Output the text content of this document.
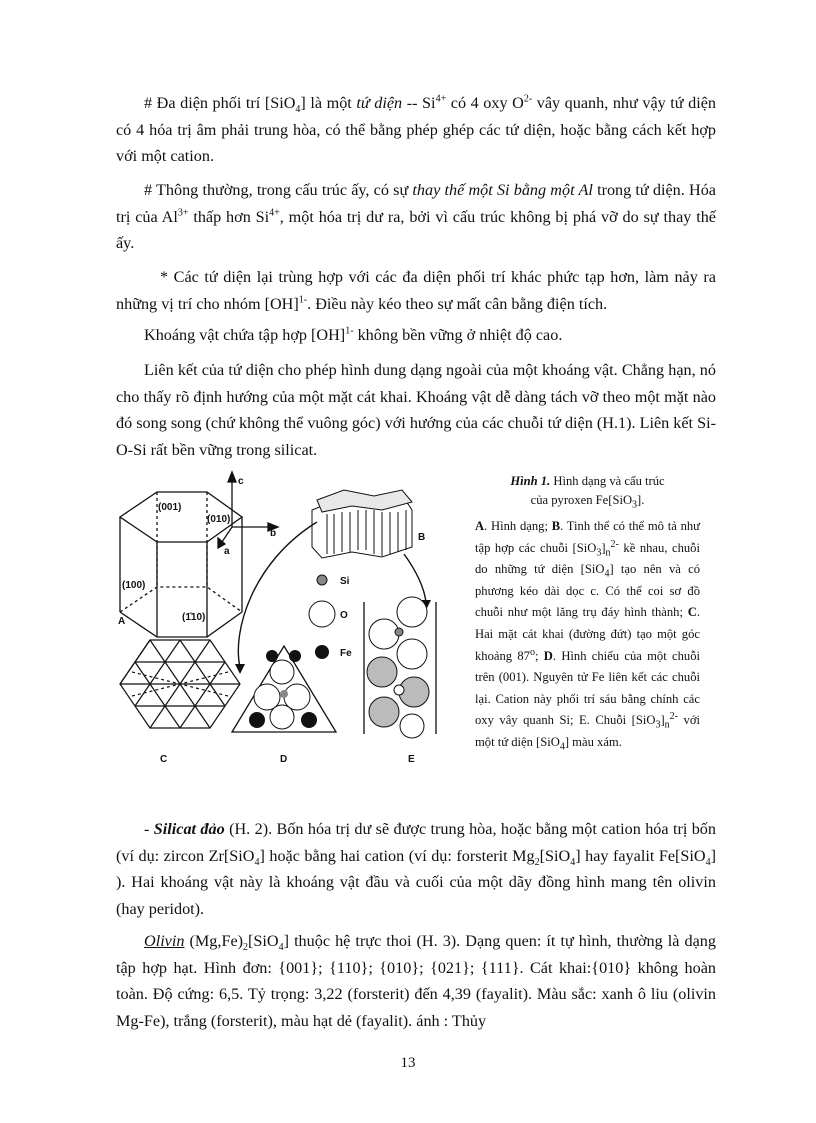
# Đa diện phối trí [SiO$_4$] là một tứ diện -- $Si^{4+}$ có 4 oxy $O^{2-}$ vây quanh, như vậy tứ diện có 4 hóa trị âm phải trung hòa, có thể bằng phép ghép các tứ diện, hoặc bằng cách kết hợp với một cation.

# Thông thường, trong cấu trúc ấy, có sự thay thế một Si bằng một Al trong tứ diện. Hóa trị của $Al^{3+}$ thấp hơn $Si^{4+}$, một hóa trị dư ra, bởi vì cấu trúc không bị phá vỡ do sự thay thế ấy.

* Các tứ diện lại trùng hợp với các đa diện phối trí khác phức tạp hơn, làm nảy ra những vị trí cho nhóm [OH]$^{1-}$. Điều này kéo theo sự mất cân bằng điện tích.

Khoáng vật chứa tập hợp [OH]$^{1-}$ không bền vững ở nhiệt độ cao.

Liên kết của tứ diện cho phép hình dung dạng ngoài của một khoáng vật. Chẳng hạn, nó cho thấy rõ định hướng của một mặt cát khai. Khoáng vật dễ dàng tách vỡ theo một mặt nào đó song song (chứ không thể vuông góc) với hướng của các chuỗi tứ diện (H.1). Liên kết Si-O-Si rất bền vững trong silicat.

(001)
(010)
(100)
(1̄10)
A
c
b
a
B
Si
O
Fe
C	D	E

Hình 1. Hình dạng và cấu trúc
của pyroxen Fe[SiO$_3$].

A. Hình dạng; B. Tinh thể có thể mô tả như tập hợp các chuỗi $[SiO_3]_n^{2-}$ kề nhau, chuỗi do những tứ diện [SiO$_4$] tạo nên và có phương kéo dài dọc c. Có thể coi sơ đồ chuỗi như một lăng trụ đáy hình thành; C. Hai mặt cát khai (đường đứt) tạo một góc khoảng 87$^o$; D. Hình chiếu của một chuỗi trên (001). Nguyên tử Fe liên kết các chuỗi lại. Cation này phối trí sáu bằng chính các oxy vây quanh Si; E. Chuỗi $[SiO_3]_n^{2-}$ với một tứ diện [SiO$_4$] màu xám.

- Silicat đảo (H. 2). Bốn hóa trị dư sẽ được trung hòa, hoặc bằng một cation hóa trị bốn (ví dụ: zircon Zr[SiO$_4$] hoặc bằng hai cation (ví dụ: forsterit $Mg_2[SiO_4]$ hay fayalit Fe[SiO$_4$] ). Hai khoáng vật này là khoáng vật đầu và cuối của một dãy đồng hình mang tên olivin (hay peridot).

Olivin $(Mg,Fe)_2[SiO_4]$ thuộc hệ trực thoi (H. 3). Dạng quen: ít tự hình, thường là dạng tập hợp hạt. Hình đơn: {001}; {110}; {010}; {021}; {111}. Cát khai:{010} không hoàn toàn. Độ cứng: 6,5. Tỷ trọng: 3,22 (forsterit) đến 4,39 (fayalit). Màu sắc: xanh ô liu (olivin Mg-Fe), trắng (forsterit), màu hạt dẻ (fayalit). ánh : Thủy

13
